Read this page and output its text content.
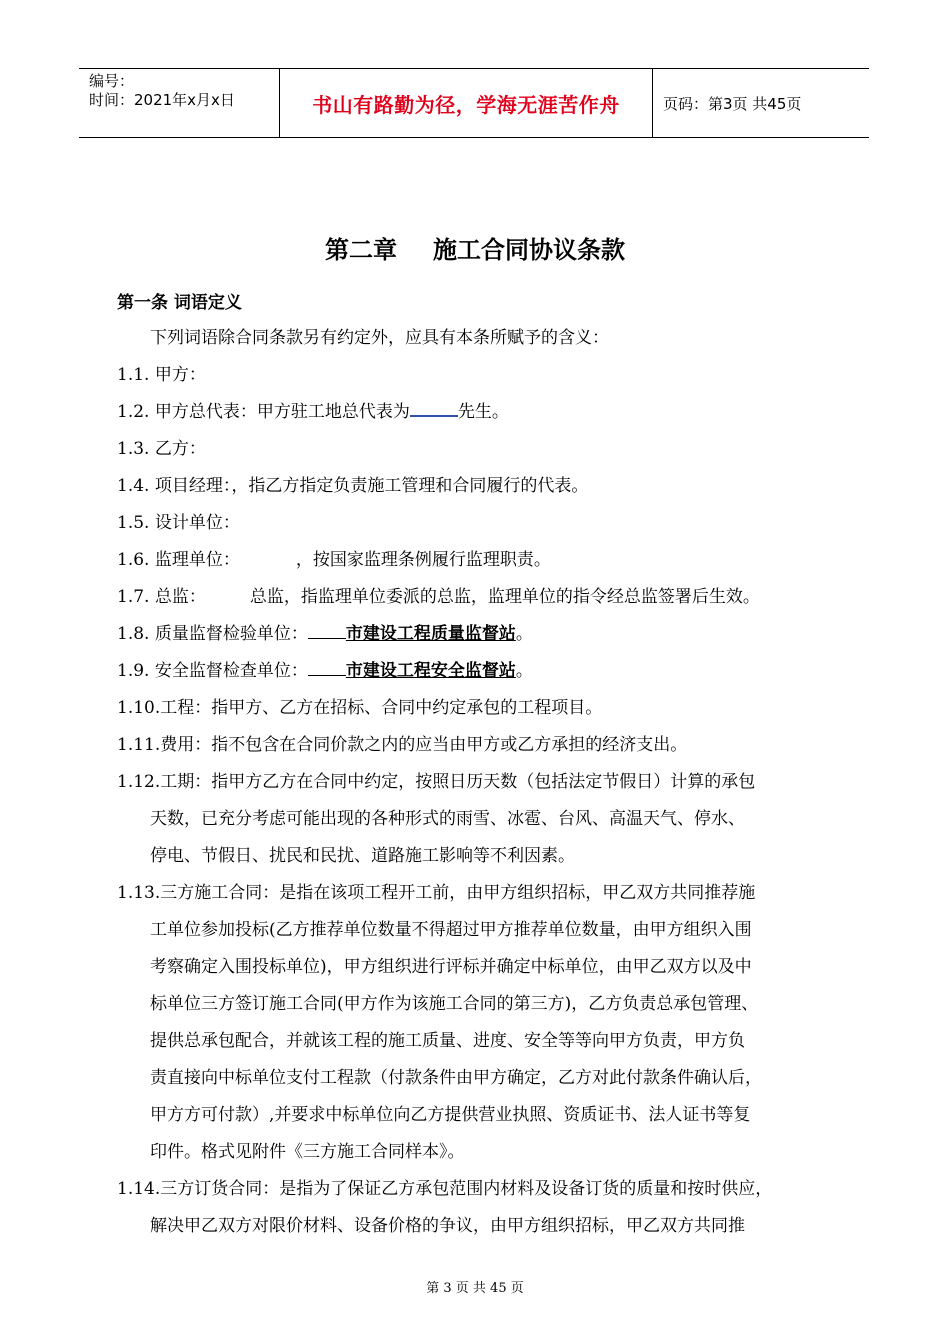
编号：
时间：2021年x月x日	书山有路勤为径，学海无涯苦作舟	页码：第3页 共45页
第二章 施工合同协议条款
第一条 词语定义
下列词语除合同条款另有约定外，应具有本条所赋予的含义：
1.1. 甲方：
1.2. 甲方总代表：甲方驻工地总代表为	先生。
1.3. 乙方：
1.4. 项目经理：，指乙方指定负责施工管理和合同履行的代表。
1.5. 设计单位：
1.6. 监理单位：	，按国家监理条例履行监理职责。
1.7. 总监：	总监，指监理单位委派的总监，监理单位的指令经总监签署后生效。
1.8. 质量监督检验单位： 市建设工程质量监督站。
1.9. 安全监督检查单位： 市建设工程安全监督站。
1.10.工程：指甲方、乙方在招标、合同中约定承包的工程项目。
1.11.费用：指不包含在合同价款之内的应当由甲方或乙方承担的经济支出。
1.12.工期：指甲方乙方在合同中约定，按照日历天数（包括法定节假日）计算的承包
天数，已充分考虑可能出现的各种形式的雨雪、冰雹、台风、高温天气、停水、
停电、节假日、扰民和民扰、道路施工影响等不利因素。
1.13.三方施工合同：是指在该项工程开工前，由甲方组织招标，甲乙双方共同推荐施
工单位参加投标(乙方推荐单位数量不得超过甲方推荐单位数量，由甲方组织入围
考察确定入围投标单位)，甲方组织进行评标并确定中标单位，由甲乙双方以及中
标单位三方签订施工合同(甲方作为该施工合同的第三方)，乙方负责总承包管理、
提供总承包配合，并就该工程的施工质量、进度、安全等等向甲方负责，甲方负
责直接向中标单位支付工程款（付款条件由甲方确定，乙方对此付款条件确认后，
甲方方可付款）,并要求中标单位向乙方提供营业执照、资质证书、法人证书等复
印件。格式见附件《三方施工合同样本》。
1.14.三方订货合同：是指为了保证乙方承包范围内材料及设备订货的质量和按时供应，
解决甲乙双方对限价材料、设备价格的争议，由甲方组织招标，甲乙双方共同推
第 3 页 共 45 页
